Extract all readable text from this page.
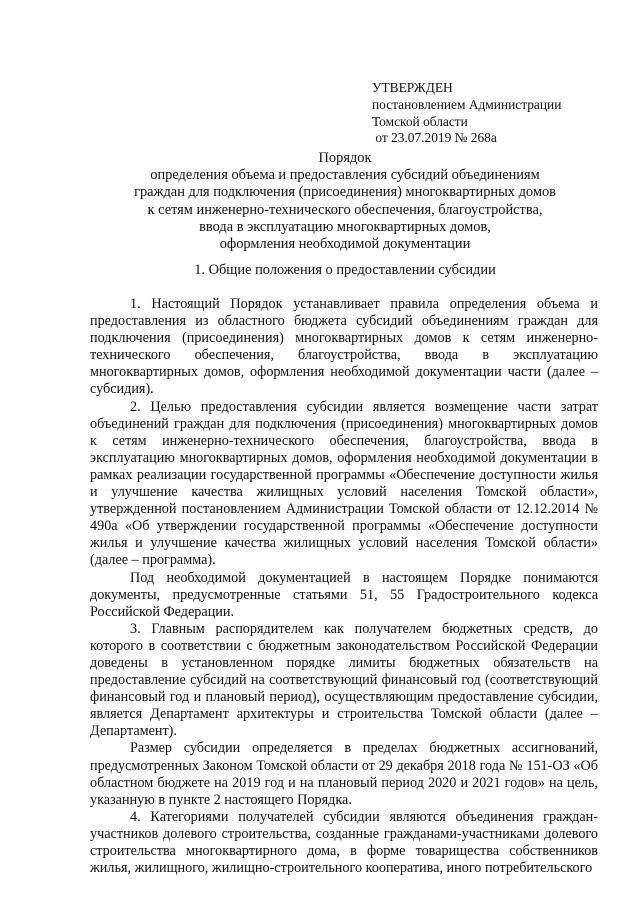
УТВЕРЖДЕН
постановлением Администрации
Томской области
от 23.07.2019 № 268а
Порядок
определения объема и предоставления субсидий объединениям
граждан для подключения (присоединения) многоквартирных домов
к сетям инженерно-технического обеспечения, благоустройства,
ввода в эксплуатацию многоквартирных домов,
оформления необходимой документации
1. Общие положения о предоставлении субсидии

1. Настоящий Порядок устанавливает правила определения объема и предоставления из областного бюджета субсидий объединениям граждан для подключения (присоединения) многоквартирных домов к сетям инженерно-технического обеспечения, благоустройства, ввода в эксплуатацию многоквартирных домов, оформления необходимой документации части (далее – субсидия).

2. Целью предоставления субсидии является возмещение части затрат объединений граждан для подключения (присоединения) многоквартирных домов к сетям инженерно-технического обеспечения, благоустройства, ввода в эксплуатацию многоквартирных домов, оформления необходимой документации в рамках реализации государственной программы «Обеспечение доступности жилья и улучшение качества жилищных условий населения Томской области», утвержденной постановлением Администрации Томской области от 12.12.2014 № 490а «Об утверждении государственной программы «Обеспечение доступности жилья и улучшение качества жилищных условий населения Томской области» (далее – программа).

Под необходимой документацией в настоящем Порядке понимаются документы, предусмотренные статьями 51, 55 Градостроительного кодекса Российской Федерации.

3. Главным распорядителем как получателем бюджетных средств, до которого в соответствии с бюджетным законодательством Российской Федерации доведены в установленном порядке лимиты бюджетных обязательств на предоставление субсидий на соответствующий финансовый год (соответствующий финансовый год и плановый период), осуществляющим предоставление субсидии, является Департамент архитектуры и строительства Томской области (далее – Департамент).

Размер субсидии определяется в пределах бюджетных ассигнований, предусмотренных Законом Томской области от 29 декабря 2018 года № 151-ОЗ «Об областном бюджете на 2019 год и на плановый период 2020 и 2021 годов» на цель, указанную в пункте 2 настоящего Порядка.

4. Категориями получателей субсидии являются объединения граждан-участников долевого строительства, созданные гражданами-участниками долевого строительства многоквартирного дома, в форме товарищества собственников жилья, жилищного, жилищно-строительного кооператива, иного потребительского
